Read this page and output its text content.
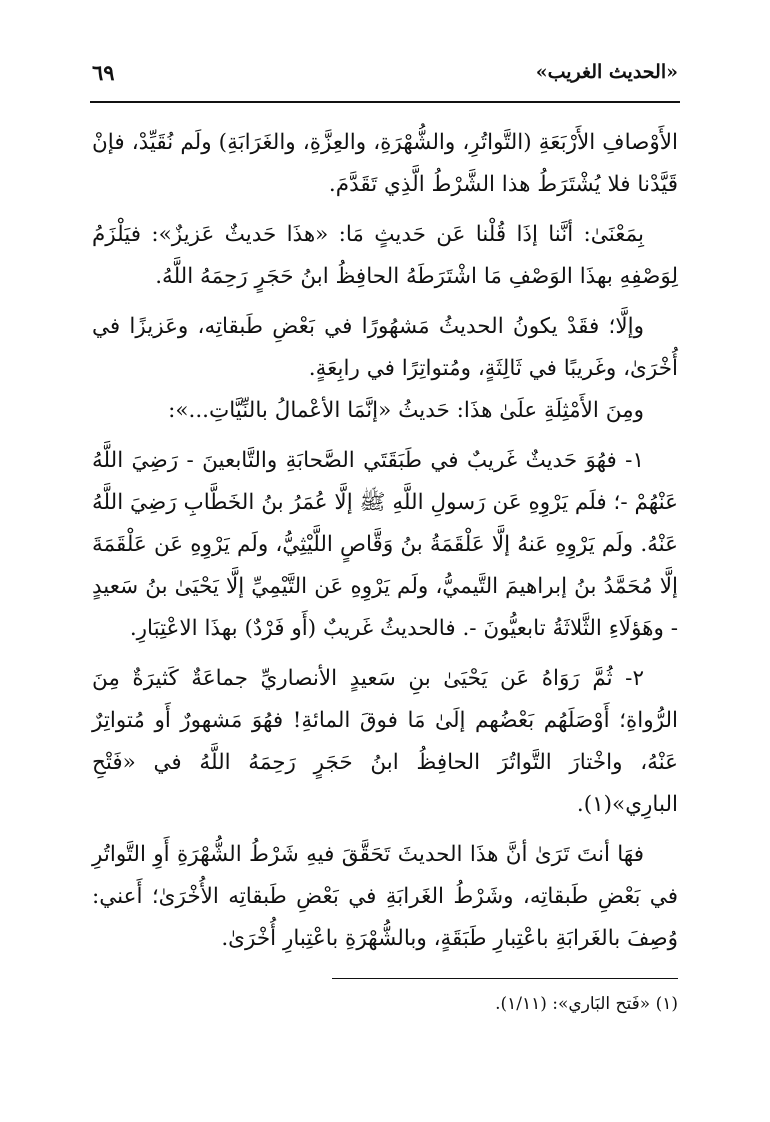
«الحديث الغريب»
٦٩

الأَوْصافِ الأَرْبَعَةِ (التَّواتُرِ، والشُّهْرَةِ، والعِزَّةِ، والغَرَابَةِ) ولَم نُقَيِّدْ، فإنْ قَيَّدْنا فلا يُشْتَرَطُ هذا الشَّرْطُ الَّذِي تَقَدَّمَ.

بِمَعْنَىٰ: أنَّنا إذَا قُلْنا عَن حَديثٍ مَا: «هذَا حَديثٌ عَزيزٌ»: فيَلْزَمُ لِوَصْفِهِ بهذَا الوَصْفِ مَا اشْتَرَطَهُ الحافِظُ ابنُ حَجَرٍ رَحِمَهُ اللَّهُ.

وإلَّا؛ فقَدْ يكونُ الحديثُ مَشهُورًا في بَعْضِ طَبقاتِه، وعَزيزًا في أُخْرَىٰ، وغَريبًا في ثَالِثَةٍ، ومُتواتِرًا في رابِعَةٍ.

ومِنَ الأَمْثِلَةِ علَىٰ هذَا: حَديثُ «إنَّمَا الأعْمالُ بالنِّيَّاتِ...»:

١- فهُوَ حَديثٌ غَريبٌ في طَبَقَتَي الصَّحابَةِ والتَّابعينَ - رَضِيَ اللَّهُ عَنْهُمْ -؛ فلَم يَرْوِهِ عَن رَسولِ اللَّهِ ﷺ إلَّا عُمَرُ بنُ الخَطَّابِ رَضِيَ اللَّهُ عَنْهُ. ولَم يَرْوِهِ عَنهُ إلَّا عَلْقَمَةُ بنُ وَقَّاصٍ اللَّيْثِيُّ، ولَم يَرْوِهِ عَن عَلْقَمَةَ إلَّا مُحَمَّدُ بنُ إبراهيمَ التَّيميُّ، ولَم يَرْوِهِ عَن التَّيْمِيِّ إلَّا يَحْيَىٰ بنُ سَعيدٍ - وهَؤلَاءِ الثَّلاثَةُ تابعيُّونَ -. فالحديثُ غَريبٌ (أَو فَرْدٌ) بهذَا الاعْتِبَارِ.

٢- ثُمَّ رَوَاهُ عَن يَحْيَىٰ بنِ سَعيدٍ الأنصاريِّ جماعَةٌ كَثيرَةٌ مِنَ الرُّواةِ؛ أَوْصَلَهُم بَعْضُهم إلَىٰ مَا فوقَ المائةِ! فهُوَ مَشهورٌ أَو مُتواتِرٌ عَنْهُ، واخْتارَ التَّواتُرَ الحافِظُ ابنُ حَجَرٍ رَحِمَهُ اللَّهُ في «فَتْحِ البارِي»(١).

فهَا أنتَ تَرَىٰ أنَّ هذَا الحديثَ تَحَقَّقَ فيهِ شَرْطُ الشُّهْرَةِ أَوِ التَّواتُرِ في بَعْضِ طَبقاتِه، وشَرْطُ الغَرابَةِ في بَعْضِ طَبقاتِه الأُخْرَىٰ؛ أَعني: وُصِفَ بالغَرابَةِ باعْتِبارِ طَبَقَةٍ، وبالشُّهْرَةِ باعْتِبارِ أُخْرَىٰ.

(١) «فَتح البَاري»: (١/١١).
